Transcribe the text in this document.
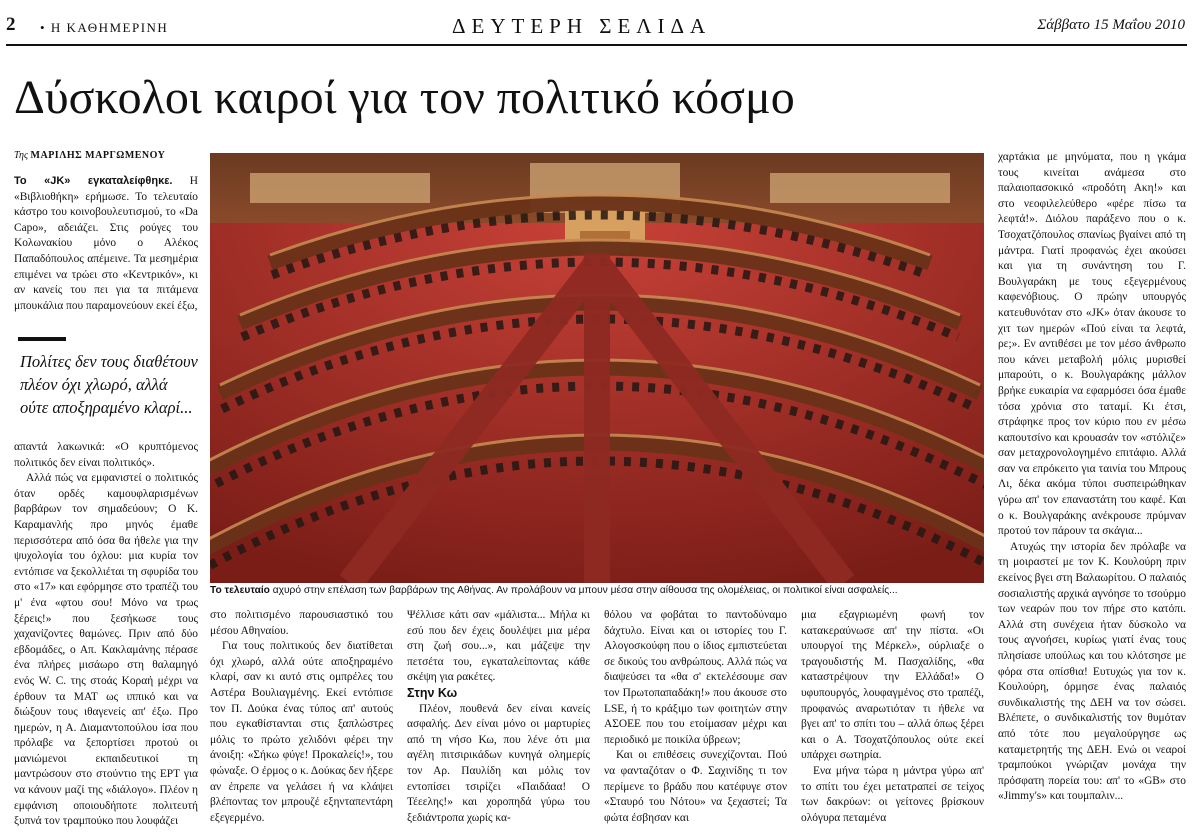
2 • Η ΚΑΘΗΜΕΡΙΝΗ	ΔΕΥΤΕΡΗ ΣΕΛΙΔΑ	Σάββατο 15 Μαΐου 2010
Δύσκολοι καιροί για τον πολιτικό κόσμο
Της ΜΑΡΙΛΗΣ ΜΑΡΓΩΜΕΝΟΥ

Το «JK» εγκαταλείφθηκε. Η «Βιβλιοθήκη» ερήμωσε. Το τελευταίο κάστρο του κοινοβουλευτισμού, το «Da Capo», αδειάζει. Στις ρούγες του Κολωνακίου μόνο ο Αλέκος Παπαδόπουλος απέμεινε. Τα μεσημέρια επιμένει να τρώει στο «Κεντρικόν», κι αν κανείς του πει για τα πιτάμενα μπουκάλια που παραμονεύουν εκεί έξω,

Πολίτες δεν τους διαθέτουν πλέον όχι χλωρό, αλλά ούτε αποξηραμένο κλαρί...

απαντά λακωνικά: «Ο κρυπτόμενος πολιτικός δεν είναι πολιτικός».

Αλλά πώς να εμφανιστεί ο πολιτικός όταν ορδές καμουφλαρισμένων βαρβάρων τον σημαδεύουν; Ο Κ. Καραμανλής προ μηνός έμαθε περισσότερα από όσα θα ήθελε για την ψυχολογία του όχλου: μια κυρία τον εντόπισε να ξεκολλιέται τη σφυρίδα του στο «17» και εφόρμησε στο τραπέζι του μ' ένα «φτου σου! Μόνο να τρως ξέρεις!» που ξεσήκωσε τους χαχανίζοντες θαμώνες. Πριν από δύο εβδομάδες, ο Απ. Κακλαμάνης πέρασε ένα πλήρες μισάωρο στη θαλαμηγό ενός W. C. της στοάς Κοραή μέχρι να έρθουν τα ΜΑΤ ως ιππικό και να διώξουν τους ιθαγενείς απ' έξω. Προ ημερών, η Α. Διαμαντοπούλου ίσα που πρόλαβε να ξεπορτίσει προτού οι μανιώμενοι εκπαιδευτικοί τη μαντρώσουν στο στούντιο της ΕΡΤ για να κάνουν μαζί της «διάλογο». Πλέον η εμφάνιση οποιουδήποτε πολιτευτή ξυπνά τον τραμπούκο που λουφάζει

Το τελευταίο αχυρό στην επέλαση των βαρβάρων της Αθήνας. Αν προλάβουν να μπουν μέσα στην αίθουσα της ολομέλειας, οι πολιτικοί είναι ασφαλείς...

στο πολιτισμένο παρουσιαστικό του μέσου Αθηναίου.

Για τους πολιτικούς δεν διατίθεται όχι χλωρό, αλλά ούτε αποξηραμένο κλαρί, σαν κι αυτό στις ομπρέλες του Αστέρα Βουλιαγμένης. Εκεί εντόπισε τον Π. Δούκα ένας τύπος απ' αυτούς που εγκαθίστανται στις ξαπλώστρες μόλις το πρώτο χελιδόνι φέρει την άνοιξη: «Σήκω φύγε! Προκαλείς!», του φώναξε. Ο έρμος ο κ. Δούκας δεν ήξερε αν έπρεπε να γελάσει ή να κλάψει βλέποντας τον μπρουζέ εξηνταπεντάρη εξεγερμένο.

Ψέλλισε κάτι σαν «μάλιστα... Μήλα κι εσύ που δεν έχεις δουλέψει μια μέρα στη ζωή σου...», και μάζεψε την πετσέτα του, εγκαταλείποντας κάθε σκέψη για ρακέτες.

Στην Κω

Πλέον, πουθενά δεν είναι κανείς ασφαλής. Δεν είναι μόνο οι μαρτυρίες από τη νήσο Κω, που λένε ότι μια αγέλη πιτσιρικάδων κυνηγά ολημερίς τον Αρ. Παυλίδη και μόλις τον εντοπίσει τσιρίζει «Παιδάαα! Ο Τέεελης!» και χοροπηδά γύρω του ξεδιάντροπα χωρίς κα-

θόλου να φοβάται το παντοδύναμο δάχτυλο. Είναι και οι ιστορίες του Γ. Αλογοσκούφη που ο ίδιος εμπιστεύεται σε δικούς του ανθρώπους. Αλλά πώς να διαψεύσει τα «θα σ' εκτελέσουμε σαν τον Πρωτοπαπαδάκη!» που άκουσε στο LSE, ή το κράξιμο των φοιτητών στην ΑΣΟΕΕ που του ετοίμασαν μέχρι και περιοδικό με ποικίλα ύβρεων;

Και οι επιθέσεις συνεχίζονται. Πού να φανταζόταν ο Φ. Σαχινίδης τι τον περίμενε το βράδυ που κατέφυγε στον «Σταυρό του Νότου» να ξεχαστεί; Τα φώτα έσβησαν και

μια εξαγριωμένη φωνή τον κατακεραύνωσε απ' την πίστα. «Οι υπουργοί της Μέρκελ», ούρλιαξε ο τραγουδιστής Μ. Πασχαλίδης, «θα καταστρέψουν την Ελλάδα!» Ο υφυπουργός, λουφαγμένος στο τραπέζι, προφανώς αναρωτιόταν τι ήθελε να βγει απ' το σπίτι του – αλλά όπως ξέρει και ο Α. Τσοχατζόπουλος ούτε εκεί υπάρχει σωτηρία.

Ενα μήνα τώρα η μάντρα γύρω απ' το σπίτι του έχει μετατραπεί σε τείχος των δακρύων: οι γείτονες βρίσκουν ολόγυρα πεταμένα

χαρτάκια με μηνύματα, που η γκάμα τους κινείται ανάμεσα στο παλαιοπασοκικό «προδότη Ακη!» και στο νεοφιλελεύθερο «φέρε πίσω τα λεφτά!». Διόλου παράξενο που ο κ. Τσοχατζόπουλος σπανίως βγαίνει από τη μάντρα. Γιατί προφανώς έχει ακούσει και για τη συνάντηση του Γ. Βουλγαράκη με τους εξεγερμένους καφενόβιους. Ο πρώην υπουργός κατευθυνόταν στο «JK» όταν άκουσε το χιτ των ημερών «Πού είναι τα λεφτά, ρε;». Εν αντιθέσει με τον μέσο άνθρωπο που κάνει μεταβολή μόλις μυρισθεί μπαρούτι, ο κ. Βουλγαράκης μάλλον βρήκε ευκαιρία να εφαρμόσει όσα έμαθε τόσα χρόνια στο ταταμί. Κι έτσι, στράφηκε προς τον κύριο που εν μέσω καπουτσίνο και κρουασάν τον «στόλιζε» σαν μεταχρονολογημένο επιτάφιο. Αλλά σαν να επρόκειτο για ταινία του Μπρους Λι, δέκα ακόμα τύποι συσπειρώθηκαν γύρω απ' τον επαναστάτη του καφέ. Και ο κ. Βουλγαράκης ανέκρουσε πρύμναν προτού τον πάρουν τα σκάγια...

Ατυχώς την ιστορία δεν πρόλαβε να τη μοιραστεί με τον Κ. Κουλούρη πριν εκείνος βγει στη Βαλαωρίτου. Ο παλαιός σοσιαλιστής αρχικά αγνόησε το τσούρμο των νεαρών που τον πήρε στο κατόπι. Αλλά στη συνέχεια ήταν δύσκολο να τους αγνοήσει, κυρίως γιατί ένας τους πλησίασε υπούλως και του κλότσησε με φόρα στα οπίσθια! Ευτυχώς για τον κ. Κουλούρη, όρμησε ένας παλαιός συνδικαλιστής της ΔΕΗ να τον σώσει. Βλέπετε, ο συνδικαλιστής τον θυμόταν από τότε που μεγαλούργησε ως καταμετρητής της ΔΕΗ. Ενώ οι νεαροί τραμπούκοι γνώριζαν μονάχα την πρόσφατη πορεία του: απ' το «GB» στο «Jimmy's» και τουμπαλιν...
